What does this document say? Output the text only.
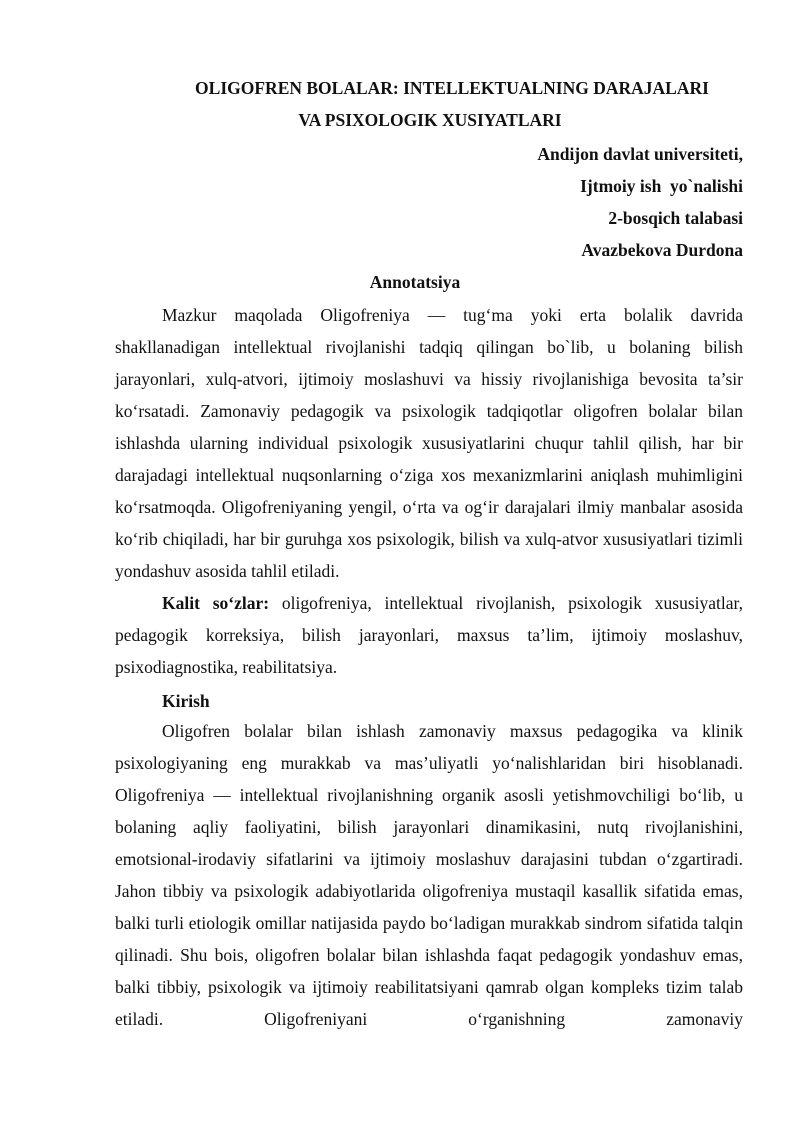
OLIGOFREN BOLALAR: INTELLEKTUALNING DARAJALARI
VA PSIXOLOGIK XUSIYATLARI
Andijon davlat universiteti,
Ijtmoiy ish  yo`nalishi
2-bosqich talabasi
Avazbekova Durdona
Annotatsiya

Mazkur maqolada Oligofreniya — tug‘ma yoki erta bolalik davrida shakllanadigan intellektual rivojlanishi tadqiq qilingan bo`lib, u bolaning bilish jarayonlari, xulq-atvori, ijtimoiy moslashuvi va hissiy rivojlanishiga bevosita ta’sir ko‘rsatadi. Zamonaviy pedagogik va psixologik tadqiqotlar oligofren bolalar bilan ishlashda ularning individual psixologik xususiyatlarini chuqur tahlil qilish, har bir darajadagi intellektual nuqsonlarning o‘ziga xos mexanizmlarini aniqlash muhimligini ko‘rsatmoqda. Oligofreniyaning yengil, o‘rta va og‘ir darajalari ilmiy manbalar asosida ko‘rib chiqiladi, har bir guruhga xos psixologik, bilish va xulq-atvor xususiyatlari tizimli yondashuv asosida tahlil etiladi.

Kalit so‘zlar: oligofreniya, intellektual rivojlanish, psixologik xususiyatlar, pedagogik korreksiya, bilish jarayonlari, maxsus ta’lim, ijtimoiy moslashuv, psixodiagnostika, reabilitatsiya.

Kirish

Oligofren bolalar bilan ishlash zamonaviy maxsus pedagogika va klinik psixologiyaning eng murakkab va mas’uliyatli yo‘nalishlaridan biri hisoblanadi. Oligofreniya — intellektual rivojlanishning organik asosli yetishmovchiligi bo‘lib, u bolaning aqliy faoliyatini, bilish jarayonlari dinamikasini, nutq rivojlanishini, emotsional-irodaviy sifatlarini va ijtimoiy moslashuv darajasini tubdan o‘zgartiradi. Jahon tibbiy va psixologik adabiyotlarida oligofreniya mustaqil kasallik sifatida emas, balki turli etiologik omillar natijasida paydo bo‘ladigan murakkab sindrom sifatida talqin qilinadi. Shu bois, oligofren bolalar bilan ishlashda faqat pedagogik yondashuv emas, balki tibbiy, psixologik va ijtimoiy reabilitatsiyani qamrab olgan kompleks tizim talab etiladi. Oligofreniyani o‘rganishning zamonaviy
